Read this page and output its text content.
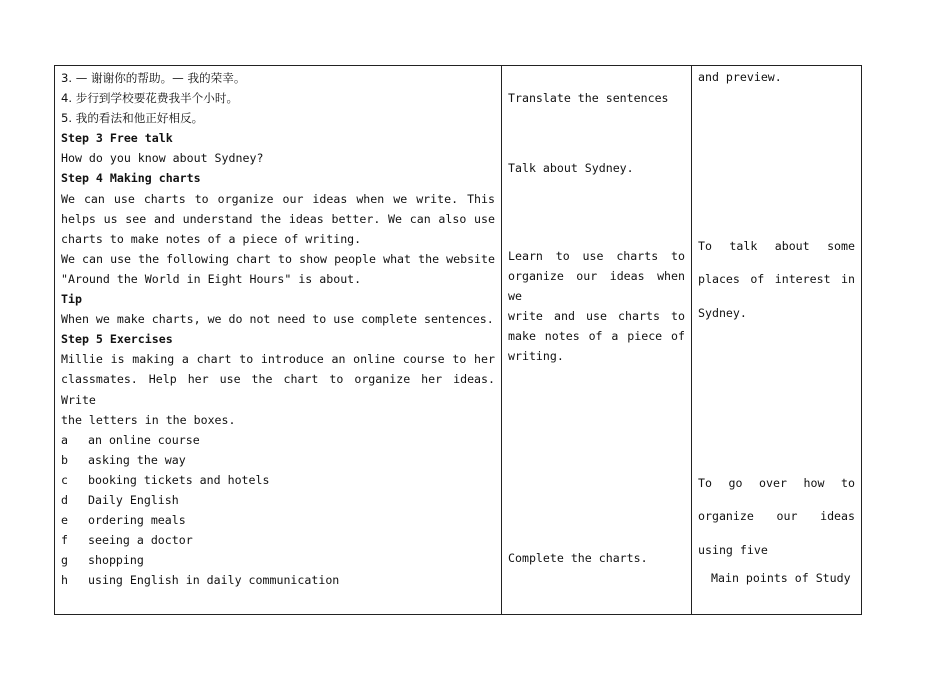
3. — 谢谢你的帮助。— 我的荣幸。
4. 步行到学校要花费我半个小时。
5. 我的看法和他正好相反。
Step 3 Free talk
How do you know about Sydney?
Step 4 Making charts
We can use charts to organize our ideas when we write. This
helps us see and understand the ideas better. We can also use
charts to make notes of a piece of writing.
We can use the following chart to show people what the website
"Around the World in Eight Hours" is about.
Tip
When we make charts, we do not need to use complete sentences.
Step 5 Exercises
Millie is making a chart to introduce an online course to her
classmates. Help her use the chart to organize her ideas. Write
the letters in the boxes.
a	an online course
b	asking the way
c	booking tickets and hotels
d	Daily English
e	ordering meals
f	seeing a doctor
g	shopping
h	using English in daily communication

Translate the sentences
Talk about Sydney.
Learn to use charts to
organize our ideas when we
write and use charts to
make notes of a piece of
writing.
Complete the charts.

and preview.
To talk about some
places of interest in
Sydney.
To go over how to
organize our ideas
using five
Main points of Study
